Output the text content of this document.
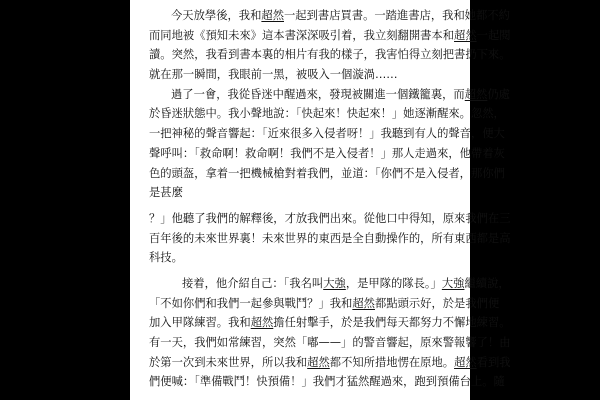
今天放學後，我和超然一起到書店買書。一踏進書店，我和她都不約
而同地被《預知未來》這本書深深吸引着，我立刻翻開書本和超然一起閱
讀。突然，我看到書本裏的相片有我的樣子，我害怕得立刻把書扔下來。
就在那一瞬間，我眼前一黑，被吸入一個漩渦……
過了一會，我從昏迷中醒過來，發現被關進一個鐵籠裏，而超然仍處
於昏迷狀態中。我小聲地說：「快起來！快起來！」她逐漸醒來。忽然，
一把神秘的聲音響起：「近來很多入侵者呀！」我聽到有人的聲音，便大
聲呼叫：「救命啊！救命啊！我們不是入侵者！」那人走過來，他帶着灰
色的頭盔，拿着一把機械槍對着我們，並道：「你們不是入侵者，那你們
是甚麼
？」他聽了我們的解釋後，才放我們出來。從他口中得知，原來我們在三
百年後的未來世界裏！未來世界的東西是全自動操作的，所有東西都是高
科技。
接着，他介紹自己：「我名叫大強，是甲隊的隊長。」大強繼續說，
「不如你們和我們一起參與戰鬥？」我和超然都點頭示好，於是我們便
加入甲隊練習。我和超然擔任射擊手，於是我們每天都努力不懈地練習。
有一天，我們如常練習，突然「嘟——」的警音響起，原來警報響了！由
於第一次到未來世界，所以我和超然都不知所措地愣在原地。超然看到我
們便喊：「準備戰鬥！快預備！」我們才猛然醒過來，跑到預備台上。隨
